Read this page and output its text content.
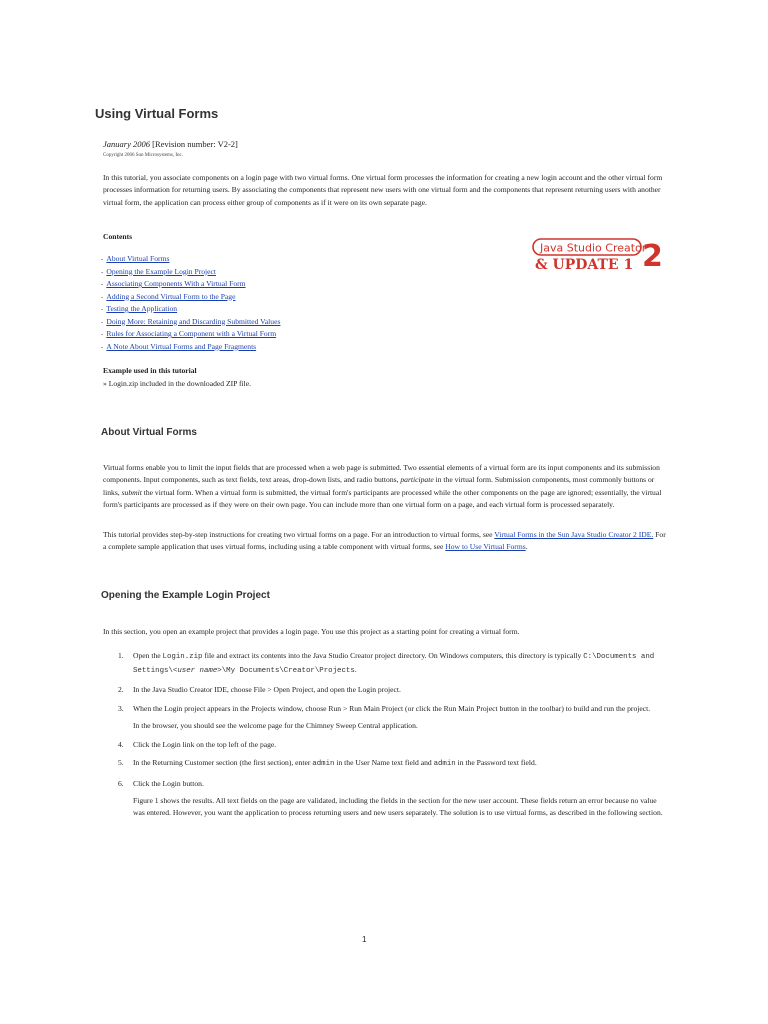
Using Virtual Forms
January 2006 [Revision number: V2-2]
Copyright 2006 Sun Microsystems, Inc.

In this tutorial, you associate components on a login page with two virtual forms. One virtual form processes the information for creating a new login account and the other virtual form processes information for returning users. By associating the components that represent new users with one virtual form and the components that represent returning users with another virtual form, the application can process either group of components as if it were on its own separate page.

Contents
- About Virtual Forms
- Opening the Example Login Project
- Associating Components With a Virtual Form
- Adding a Second Virtual Form to the Page
- Testing the Application
- Doing More: Retaining and Discarding Submitted Values
- Rules for Associating a Component with a Virtual Form
- A Note About Virtual Forms and Page Fragments
Java Studio Creator
& UPDATE 1 2
Example used in this tutorial
» Login.zip included in the downloaded ZIP file.
About Virtual Forms

Virtual forms enable you to limit the input fields that are processed when a web page is submitted. Two essential elements of a virtual form are its input components and its submission components. Input components, such as text fields, text areas, drop-down lists, and radio buttons, participate in the virtual form. Submission components, most commonly buttons or links, submit the virtual form. When a virtual form is submitted, the virtual form's participants are processed while the other components on the page are ignored; essentially, the virtual form's participants are processed as if they were on their own page. You can include more than one virtual form on a page, and each virtual form is processed separately.

This tutorial provides step-by-step instructions for creating two virtual forms on a page. For an introduction to virtual forms, see Virtual Forms in the Sun Java Studio Creator 2 IDE. For a complete sample application that uses virtual forms, including using a table component with virtual forms, see How to Use Virtual Forms.

Opening the Example Login Project

In this section, you open an example project that provides a login page. You use this project as a starting point for creating a virtual form.

1. Open the Login.zip file and extract its contents into the Java Studio Creator project directory. On Windows computers, this directory is typically C:\Documents and Settings\<user name>\My Documents\Creator\Projects.
2. In the Java Studio Creator IDE, choose File > Open Project, and open the Login project.
3. When the Login project appears in the Projects window, choose Run > Run Main Project (or click the Run Main Project button in the toolbar) to build and run the project.

In the browser, you should see the welcome page for the Chimney Sweep Central application.

4. Click the Login link on the top left of the page.
5. In the Returning Customer section (the first section), enter admin in the User Name text field and admin in the Password text field.
6. Click the Login button.

Figure 1 shows the results. All text fields on the page are validated, including the fields in the section for the new user account. These fields return an error because no value was entered. However, you want the application to process returning users and new users separately. The solution is to use virtual forms, as described in the following section.

1
